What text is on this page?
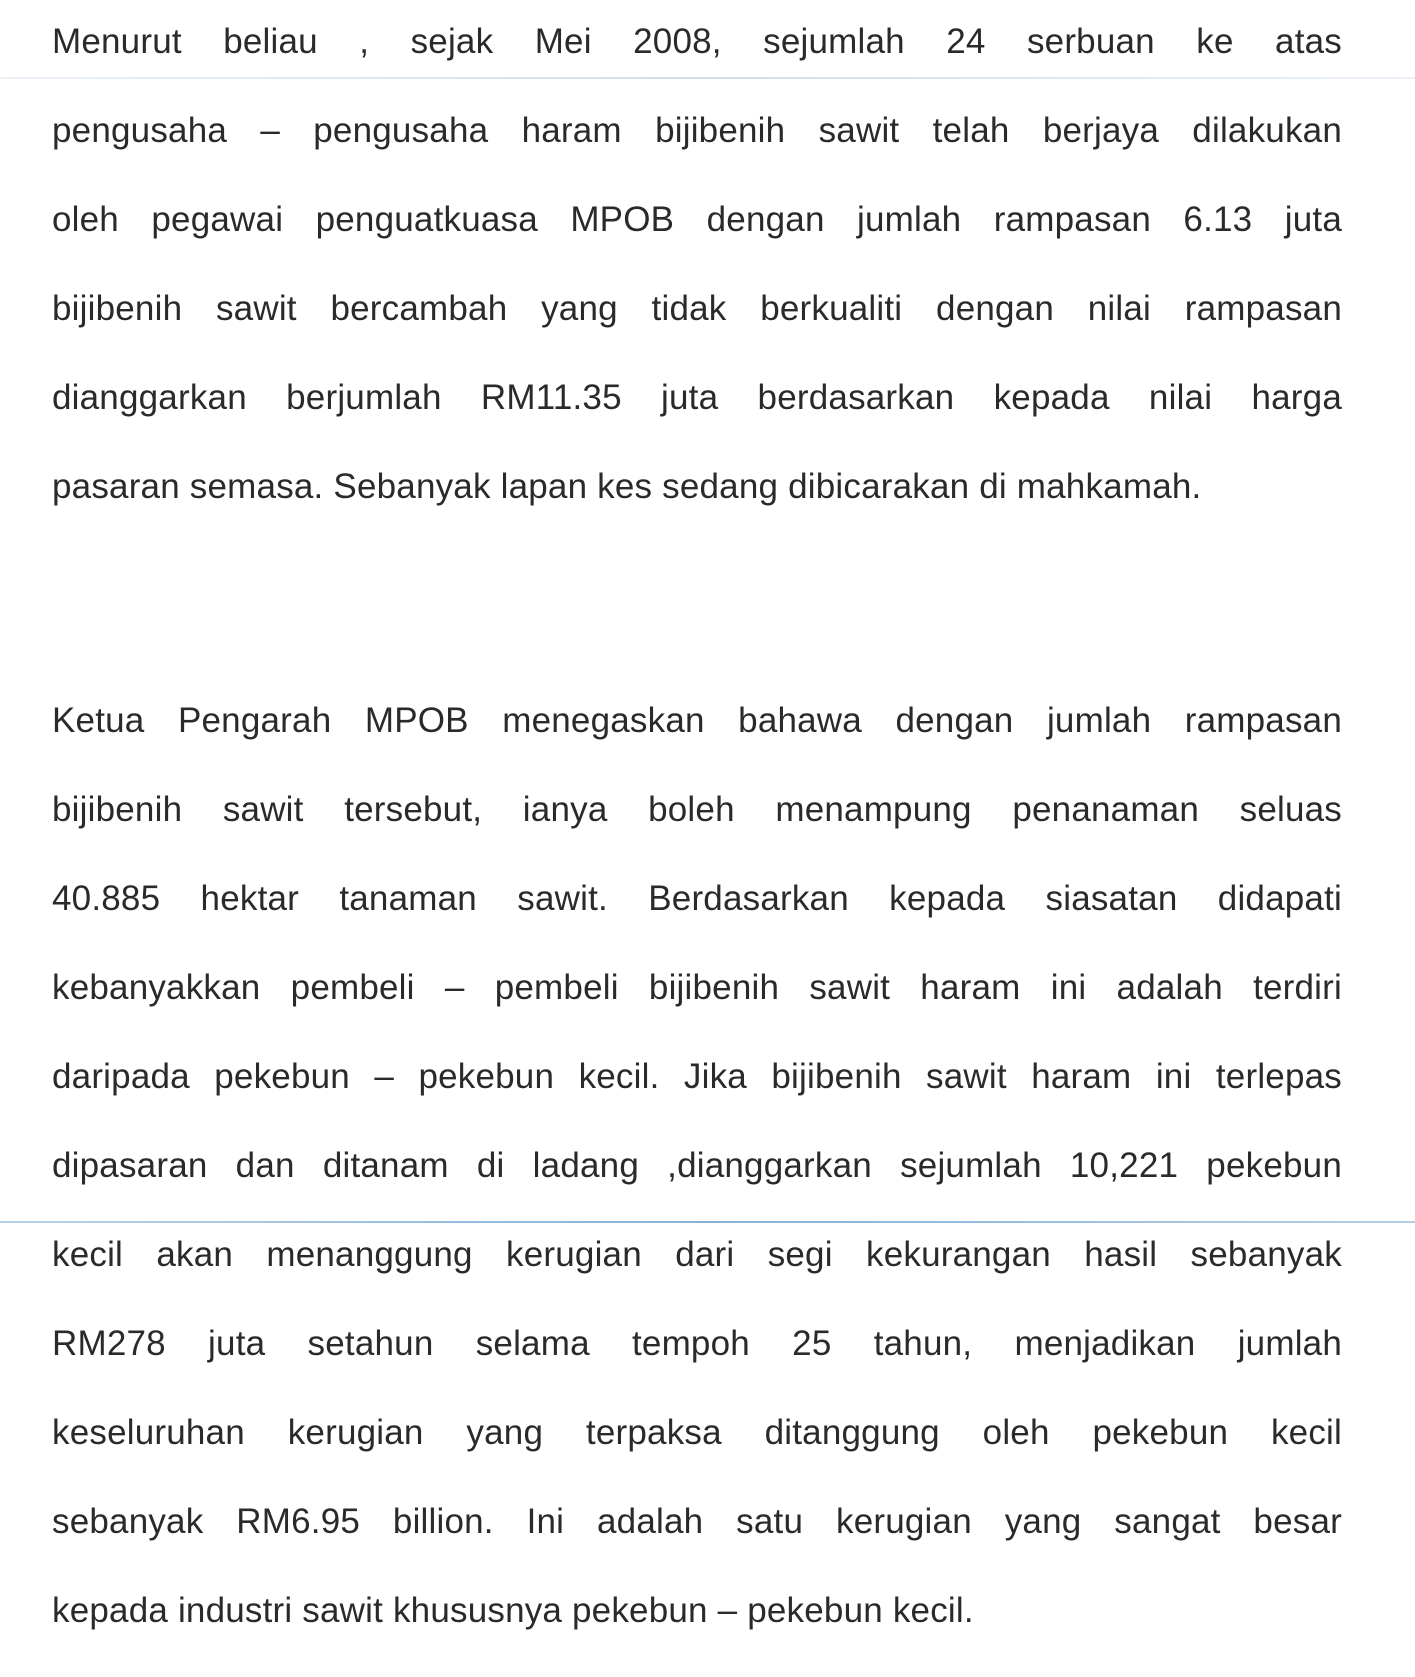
Menurut beliau , sejak Mei 2008, sejumlah 24 serbuan ke atas
pengusaha – pengusaha haram bijibenih sawit telah berjaya dilakukan
oleh pegawai penguatkuasa MPOB dengan jumlah rampasan 6.13 juta
bijibenih sawit bercambah yang tidak berkualiti dengan nilai rampasan
dianggarkan berjumlah RM11.35 juta berdasarkan kepada nilai harga
pasaran semasa. Sebanyak lapan kes sedang dibicarakan di mahkamah.

Ketua Pengarah MPOB menegaskan bahawa dengan jumlah rampasan
bijibenih sawit tersebut, ianya boleh menampung penanaman seluas
40.885 hektar tanaman sawit. Berdasarkan kepada siasatan didapati
kebanyakkan pembeli – pembeli bijibenih sawit haram ini adalah terdiri
daripada pekebun – pekebun kecil. Jika bijibenih sawit haram ini terlepas
dipasaran dan ditanam di ladang ,dianggarkan sejumlah 10,221 pekebun
kecil akan menanggung kerugian dari segi kekurangan hasil sebanyak
RM278 juta setahun selama tempoh 25 tahun, menjadikan jumlah
keseluruhan kerugian yang terpaksa ditanggung oleh pekebun kecil
sebanyak RM6.95 billion. Ini adalah satu kerugian yang sangat besar
kepada industri sawit khususnya pekebun – pekebun kecil.
